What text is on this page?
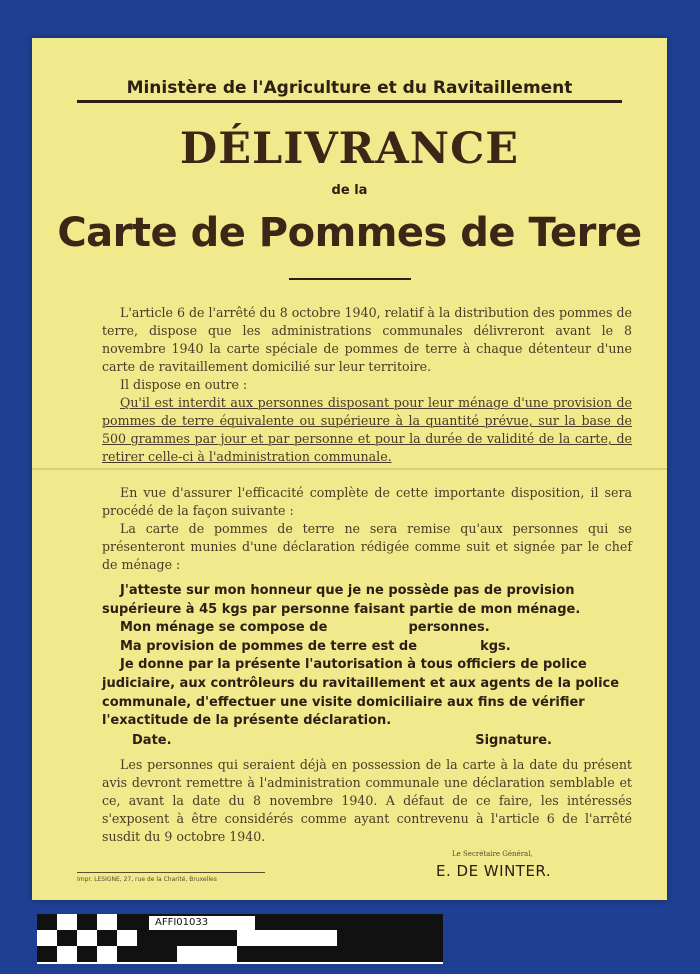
Ministère de l'Agriculture et du Ravitaillement
DÉLIVRANCE
de la
Carte de Pommes de Terre

L'article 6 de l'arrêté du 8 octobre 1940, relatif à la distribution des pommes de terre, dispose que les administrations communales délivreront avant le 8 novembre 1940 la carte spéciale de pommes de terre à chaque détenteur d'une carte de ravitaillement domicilié sur leur territoire.

Il dispose en outre :

Qu'il est interdit aux personnes disposant pour leur ménage d'une provision de pommes de terre équivalente ou supérieure à la quantité prévue, sur la base de 500 grammes par jour et par personne et pour la durée de validité de la carte, de retirer celle-ci à l'administration communale.

En vue d'assurer l'efficacité complète de cette importante disposition, il sera procédé de la façon suivante :

La carte de pommes de terre ne sera remise qu'aux personnes qui se présenteront munies d'une déclaration rédigée comme suit et signée par le chef de ménage :

J'atteste sur mon honneur que je ne possède pas de provision supérieure à 45 kgs par personne faisant partie de mon ménage.

Mon ménage se compose de	personnes.

Ma provision de pommes de terre est de	kgs.

Je donne par la présente l'autorisation à tous officiers de police judiciaire, aux contrôleurs du ravitaillement et aux agents de la police communale, d'effectuer une visite domiciliaire aux fins de vérifier l'exactitude de la présente déclaration.

Date.	Signature.

Les personnes qui seraient déjà en possession de la carte à la date du présent avis devront remettre à l'administration communale une déclaration semblable et ce, avant la date du 8 novembre 1940. A défaut de ce faire, les intéressés s'exposent à être considérés comme ayant contrevenu à l'article 6 de l'arrêté susdit du 9 octobre 1940.

Impr. LESIGNE, 27, rue de la Charité, Bruxelles
Le Secrétaire Général,
E. DE WINTER.
AFFI01033
